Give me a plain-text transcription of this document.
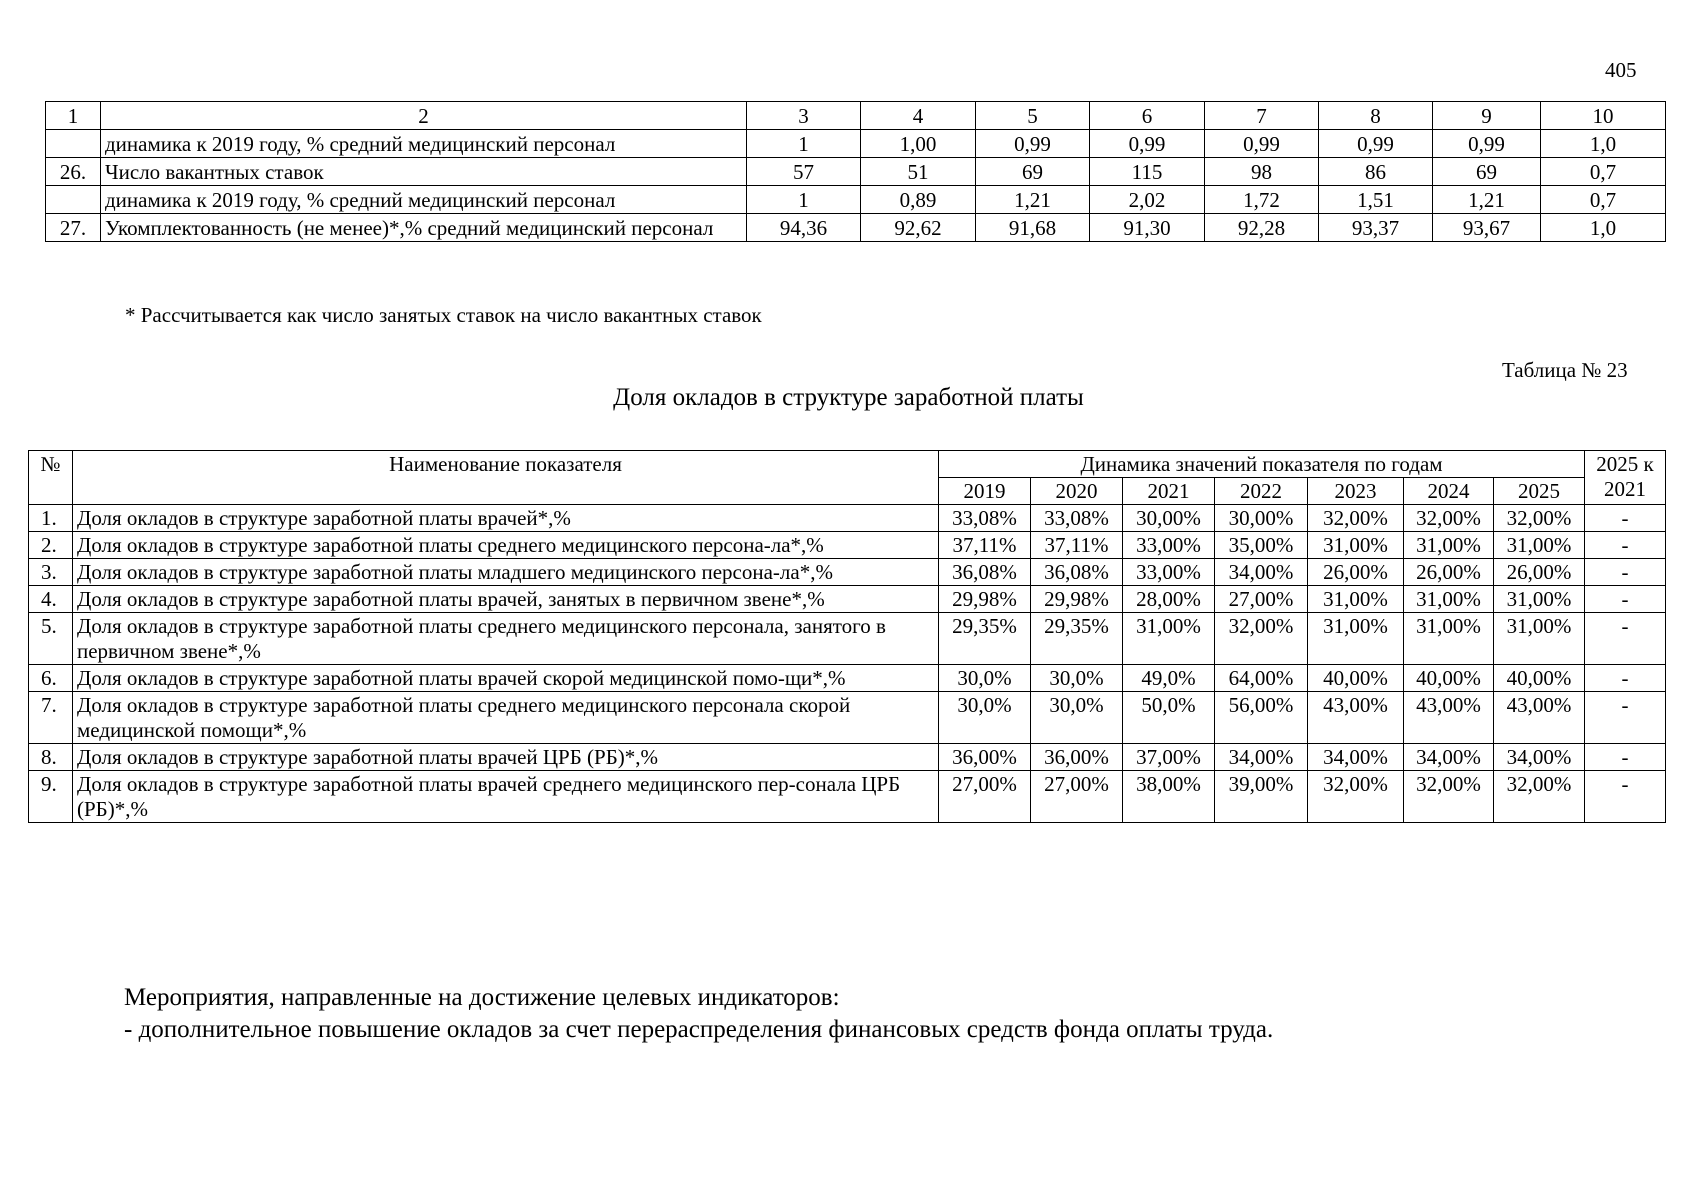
405
1	2	3	4	5	6	7	8	9	10
	динамика к 2019 году, % средний медицинский персонал	1	1,00	0,99	0,99	0,99	0,99	0,99	1,0
26.	Число вакантных ставок	57	51	69	115	98	86	69	0,7
	динамика к 2019 году, % средний медицинский персонал	1	0,89	1,21	2,02	1,72	1,51	1,21	0,7
27.	Укомплектованность (не менее)*,% средний медицинский персонал	94,36	92,62	91,68	91,30	92,28	93,37	93,67	1,0
* Рассчитывается как число занятых ставок на число вакантных ставок
Таблица № 23
Доля окладов в структуре заработной платы
№	Наименование показателя	Динамика значений показателя по годам							2025 к 2021
		2019	2020	2021	2022	2023	2024	2025	
1.	Доля окладов в структуре заработной платы врачей*,%	33,08%	33,08%	30,00%	30,00%	32,00%	32,00%	32,00%	-
2.	Доля окладов в структуре заработной платы среднего медицинского персона-ла*,%	37,11%	37,11%	33,00%	35,00%	31,00%	31,00%	31,00%	-
3.	Доля окладов в структуре заработной платы младшего медицинского персона-ла*,%	36,08%	36,08%	33,00%	34,00%	26,00%	26,00%	26,00%	-
4.	Доля окладов в структуре заработной платы врачей, занятых в первичном звене*,%	29,98%	29,98%	28,00%	27,00%	31,00%	31,00%	31,00%	-
5.	Доля окладов в структуре заработной платы среднего медицинского персонала, занятого в первичном звене*,%	29,35%	29,35%	31,00%	32,00%	31,00%	31,00%	31,00%	-
6.	Доля окладов в структуре заработной платы врачей скорой медицинской помо-щи*,%	30,0%	30,0%	49,0%	64,00%	40,00%	40,00%	40,00%	-
7.	Доля окладов в структуре заработной платы среднего медицинского персонала скорой медицинской помощи*,%	30,0%	30,0%	50,0%	56,00%	43,00%	43,00%	43,00%	-
8.	Доля окладов в структуре заработной платы врачей ЦРБ (РБ)*,%	36,00%	36,00%	37,00%	34,00%	34,00%	34,00%	34,00%	-
9.	Доля окладов в структуре заработной платы врачей среднего медицинского пер-сонала ЦРБ (РБ)*,%	27,00%	27,00%	38,00%	39,00%	32,00%	32,00%	32,00%	-
Мероприятия, направленные на достижение целевых индикаторов:
- дополнительное повышение окладов за счет перераспределения финансовых средств фонда оплаты труда.
